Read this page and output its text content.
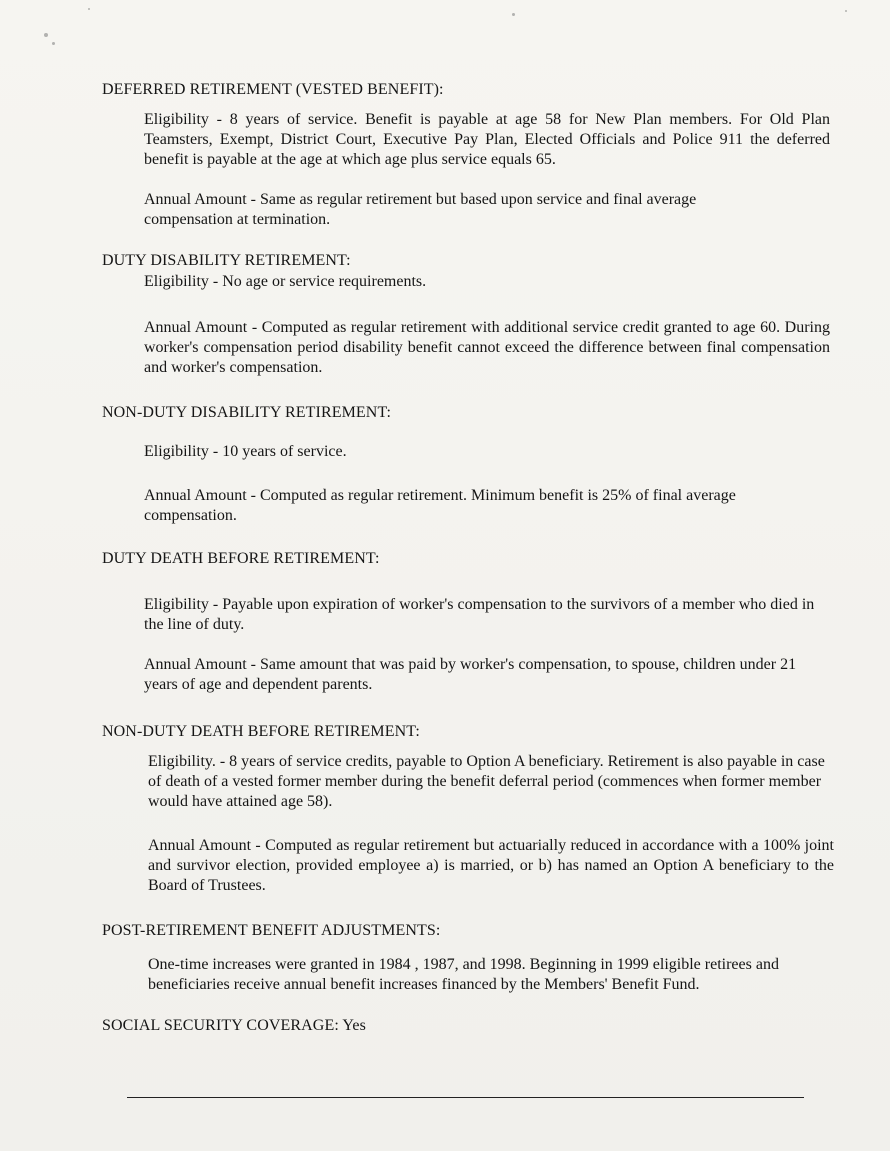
DEFERRED RETIREMENT (VESTED BENEFIT):
Eligibility - 8 years of service. Benefit is payable at age 58 for New Plan members. For Old Plan Teamsters, Exempt, District Court, Executive Pay Plan, Elected Officials and Police 911 the deferred benefit is payable at the age at which age plus service equals 65.
Annual Amount - Same as regular retirement but based upon service and final average compensation at termination.
DUTY DISABILITY RETIREMENT:
Eligibility - No age or service requirements.
Annual Amount - Computed as regular retirement with additional service credit granted to age 60. During worker's compensation period disability benefit cannot exceed the difference between final compensation and worker's compensation.
NON-DUTY DISABILITY RETIREMENT:
Eligibility - 10 years of service.
Annual Amount - Computed as regular retirement. Minimum benefit is 25% of final average compensation.
DUTY DEATH BEFORE RETIREMENT:
Eligibility - Payable upon expiration of worker's compensation to the survivors of a member who died in the line of duty.
Annual Amount - Same amount that was paid by worker's compensation, to spouse, children under 21 years of age and dependent parents.
NON-DUTY DEATH BEFORE RETIREMENT:
Eligibility. - 8 years of service credits, payable to Option A beneficiary. Retirement is also payable in case of death of a vested former member during the benefit deferral period (commences when former member would have attained age 58).
Annual Amount - Computed as regular retirement but actuarially reduced in accordance with a 100% joint and survivor election, provided employee a) is married, or b) has named an Option A beneficiary to the Board of Trustees.
POST-RETIREMENT BENEFIT ADJUSTMENTS:
One-time increases were granted in 1984 , 1987, and 1998. Beginning in 1999 eligible retirees and beneficiaries receive annual benefit increases financed by the Members' Benefit Fund.
SOCIAL SECURITY COVERAGE: Yes
